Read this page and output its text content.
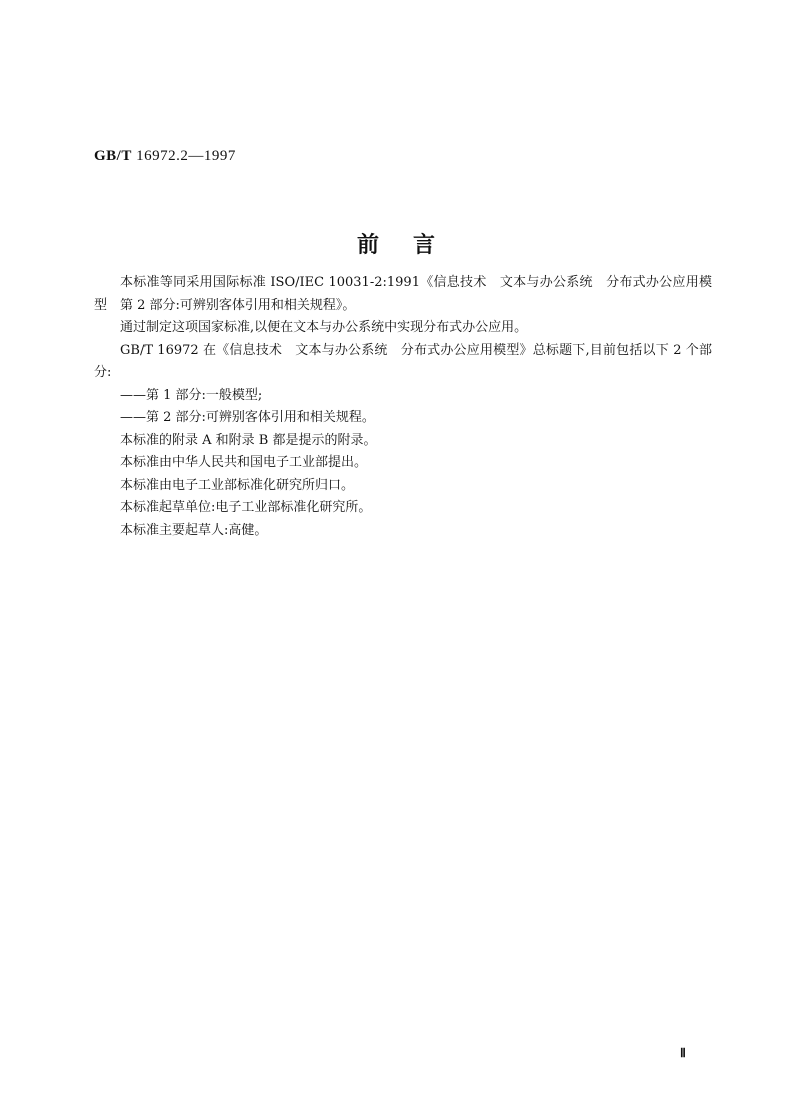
GB/T 16972.2—1997
前言

本标准等同采用国际标准 ISO/IEC 10031-2:1991《信息技术　文本与办公系统　分布式办公应用模型　第 2 部分:可辨别客体引用和相关规程》。

通过制定这项国家标准,以便在文本与办公系统中实现分布式办公应用。

GB/T 16972 在《信息技术　文本与办公系统　分布式办公应用模型》总标题下,目前包括以下 2 个部分:

——第 1 部分:一般模型;

——第 2 部分:可辨别客体引用和相关规程。

本标准的附录 A 和附录 B 都是提示的附录。

本标准由中华人民共和国电子工业部提出。

本标准由电子工业部标准化研究所归口。

本标准起草单位:电子工业部标准化研究所。

本标准主要起草人:高健。

Ⅱ
